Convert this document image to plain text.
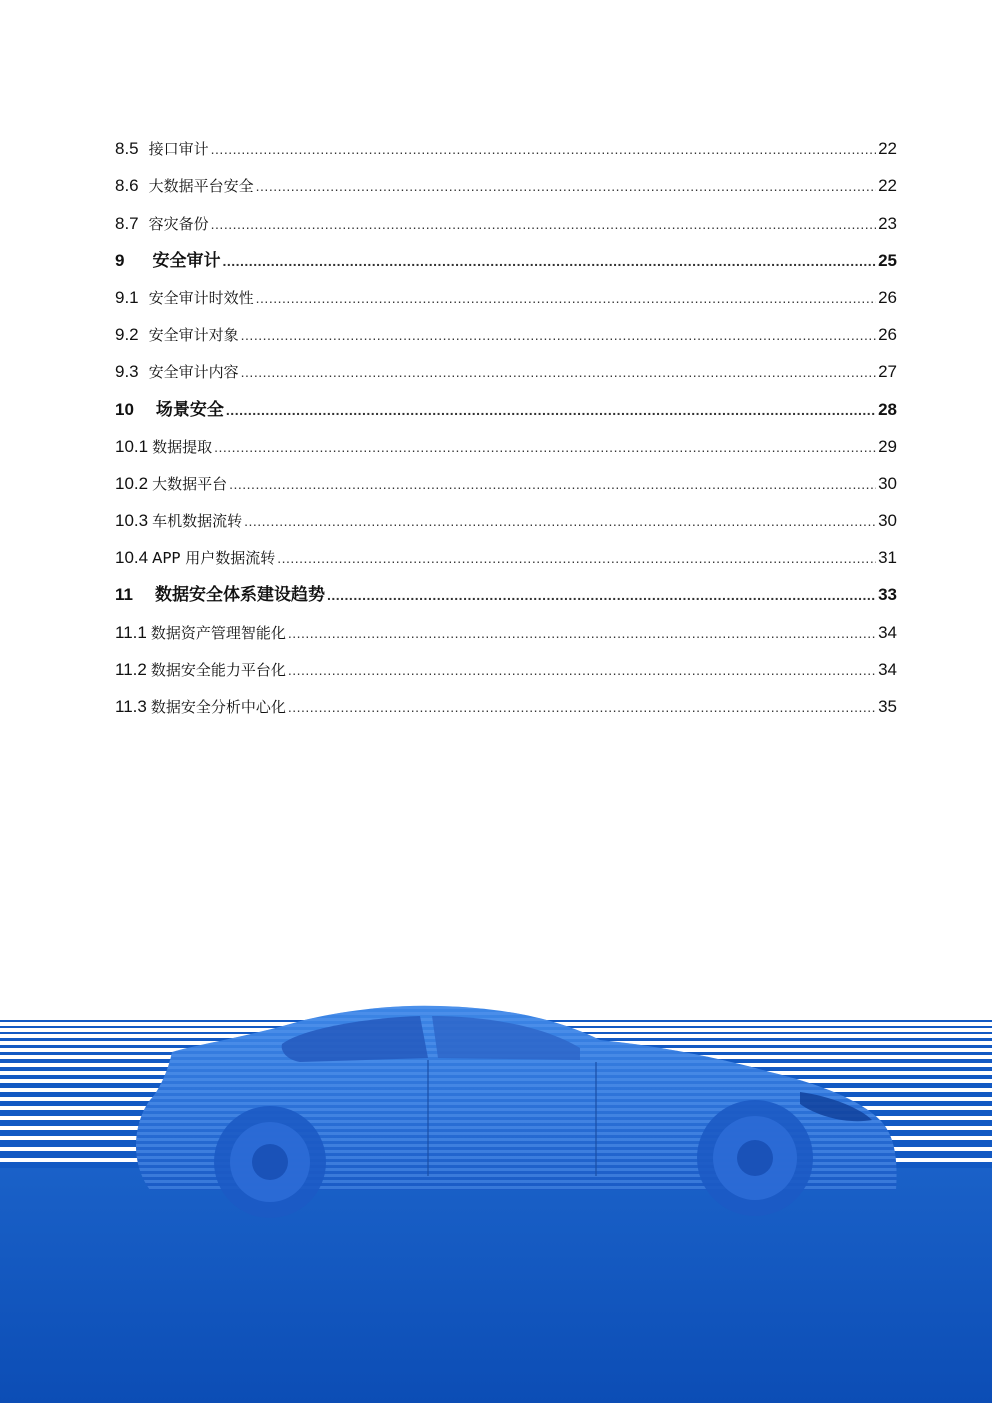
8.5 接口审计 .....	22
8.6 大数据平台安全 .....	22
8.7 容灾备份 .....	23
9 安全审计 .....	25
9.1 安全审计时效性 .....	26
9.2 安全审计对象 .....	26
9.3 安全审计内容 .....	27
10 场景安全 .....	28
10.1 数据提取 .....	29
10.2 大数据平台 .....	30
10.3 车机数据流转 .....	30
10.4 APP 用户数据流转 .....	31
11 数据安全体系建设趋势 .....	33
11.1 数据资产管理智能化 .....	34
11.2 数据安全能力平台化 .....	34
11.3 数据安全分析中心化 .....	35
